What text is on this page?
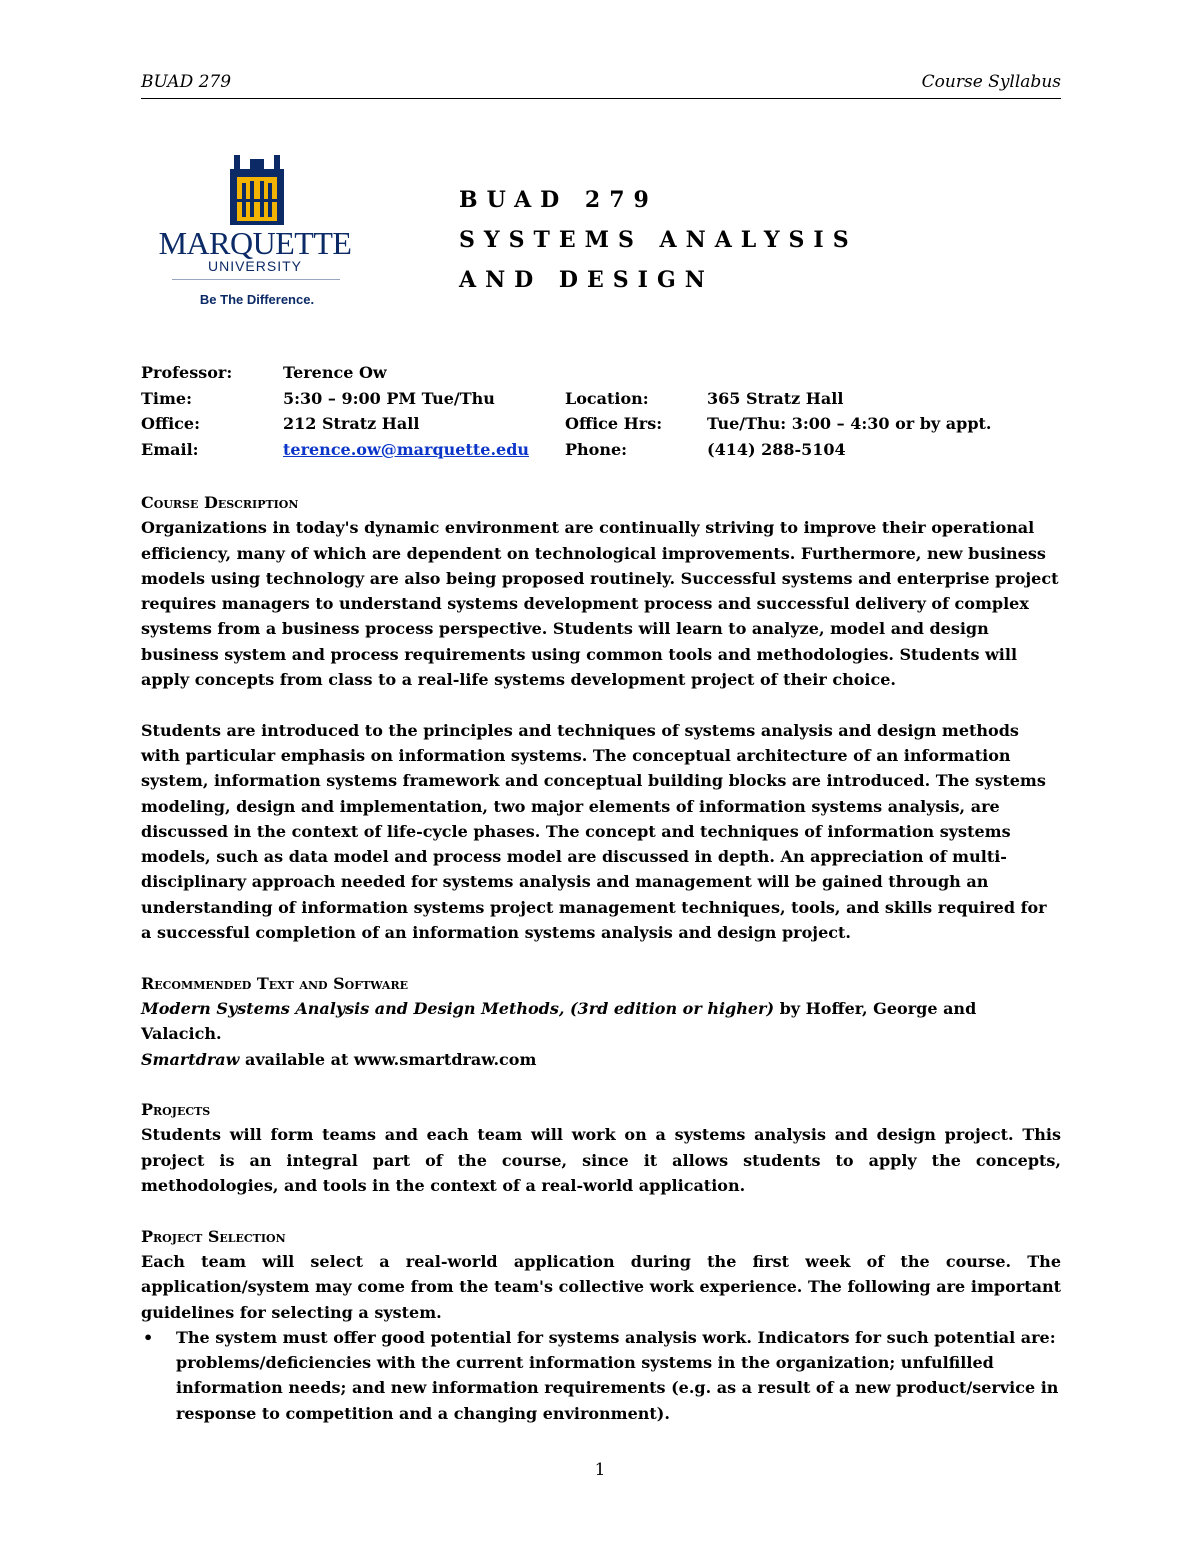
BUAD 279	Course Syllabus
MARQUETTE
UNIVERSITY
Be The Difference.
BUAD 279
SYSTEMS ANALYSIS
AND DESIGN
Professor:	Terence Ow
Time:	5:30 – 9:00 PM Tue/Thu	Location:	365 Stratz Hall
Office:	212 Stratz Hall	Office Hrs:	Tue/Thu: 3:00 – 4:30 or by appt.
Email:	terence.ow@marquette.edu Phone:	(414) 288-5104

Course Description

Organizations in today's dynamic environment are continually striving to improve their operational efficiency, many of which are dependent on technological improvements. Furthermore, new business models using technology are also being proposed routinely. Successful systems and enterprise project requires managers to understand systems development process and successful delivery of complex systems from a business process perspective. Students will learn to analyze, model and design business system and process requirements using common tools and methodologies. Students will apply concepts from class to a real-life systems development project of their choice.

Students are introduced to the principles and techniques of systems analysis and design methods with particular emphasis on information systems. The conceptual architecture of an information system, information systems framework and conceptual building blocks are introduced. The systems modeling, design and implementation, two major elements of information systems analysis, are discussed in the context of life-cycle phases. The concept and techniques of information systems models, such as data model and process model are discussed in depth. An appreciation of multi-disciplinary approach needed for systems analysis and management will be gained through an understanding of information systems project management techniques, tools, and skills required for a successful completion of an information systems analysis and design project.

Recommended Text and Software

Modern Systems Analysis and Design Methods, (3rd edition or higher) by Hoffer, George and Valacich.

Smartdraw available at www.smartdraw.com

Projects

Students will form teams and each team will work on a systems analysis and design project. This project is an integral part of the course, since it allows students to apply the concepts, methodologies, and tools in the context of a real-world application.

Project Selection

Each team will select a real-world application during the first week of the course. The application/system may come from the team's collective work experience. The following are important guidelines for selecting a system.

• The system must offer good potential for systems analysis work. Indicators for such potential are: problems/deficiencies with the current information systems in the organization; unfulfilled information needs; and new information requirements (e.g. as a result of a new product/service in response to competition and a changing environment).
1
